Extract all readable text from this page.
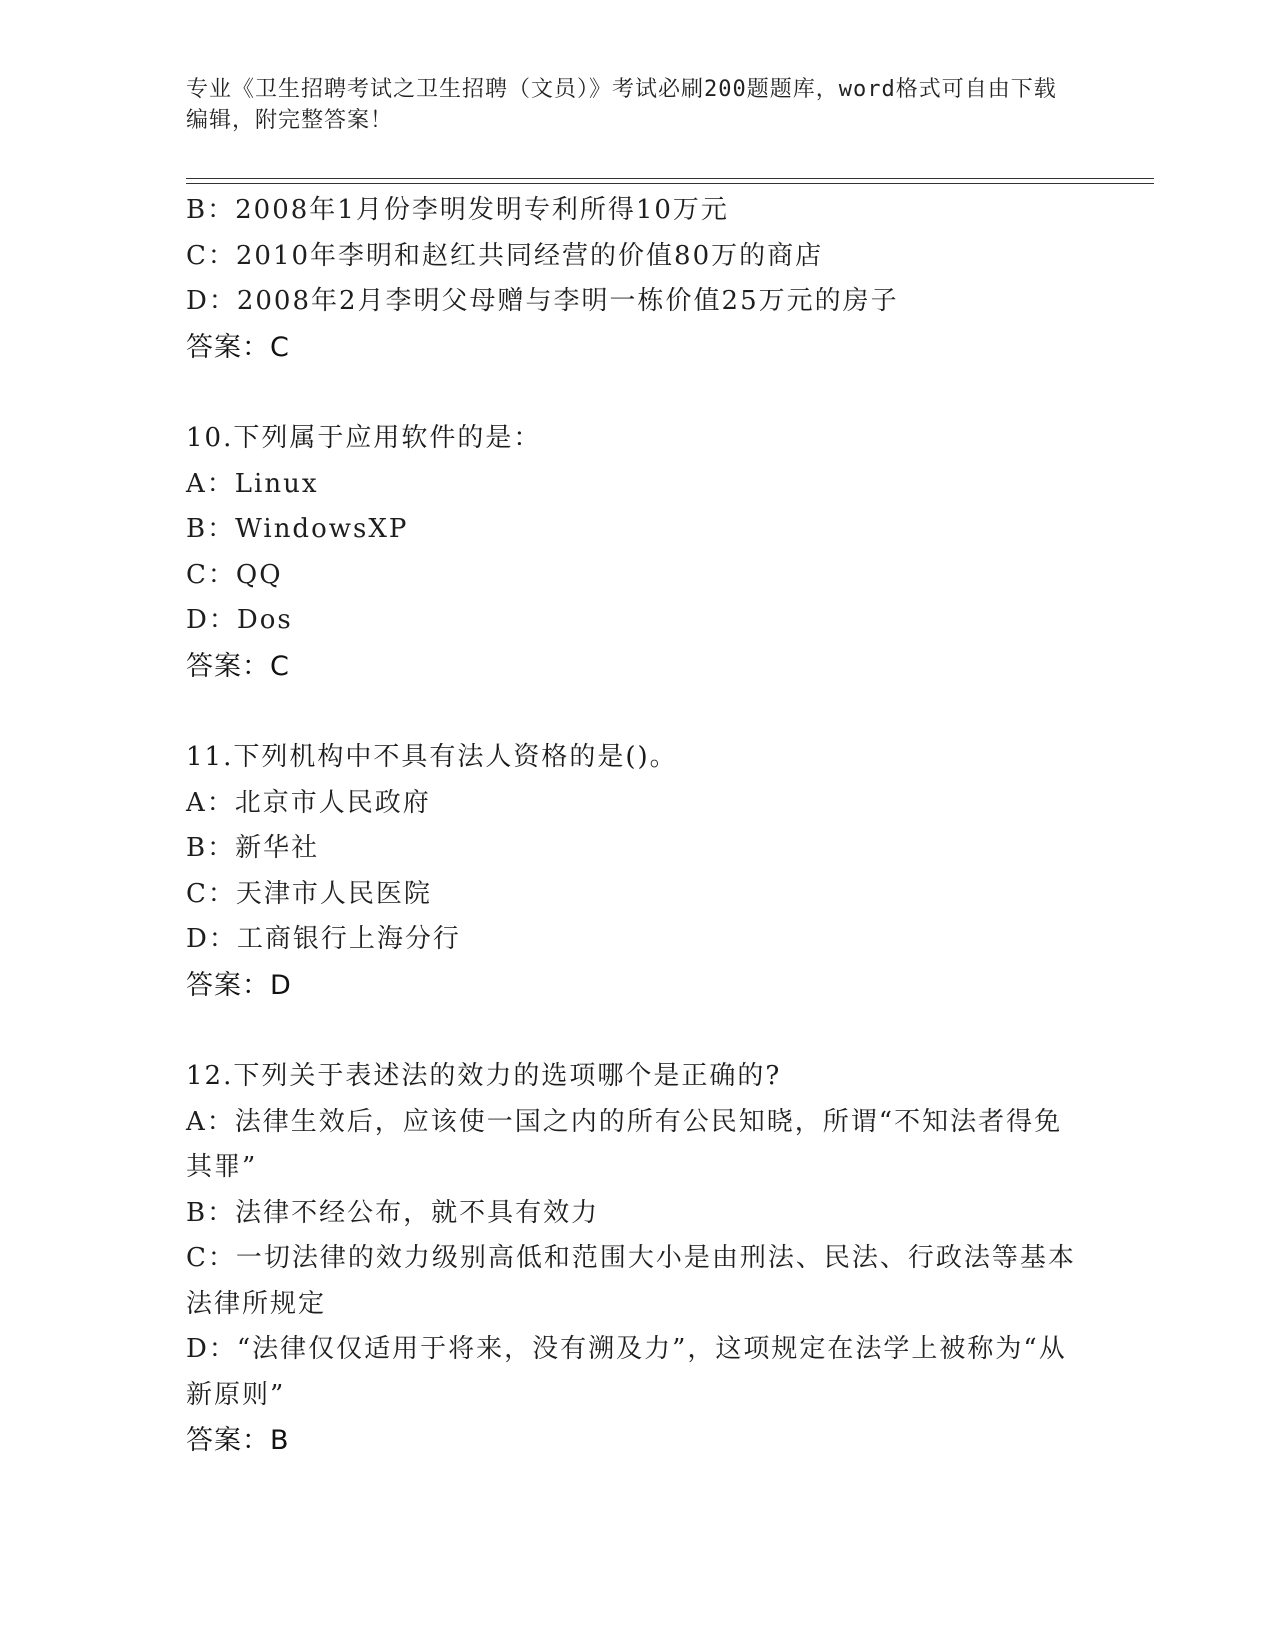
专业《卫生招聘考试之卫生招聘（文员）》考试必刷200题题库，word格式可自由下载编辑，附完整答案！

B：2008年1月份李明发明专利所得10万元

C：2010年李明和赵红共同经营的价值80万的商店

D：2008年2月李明父母赠与李明一栋价值25万元的房子

答案：C

10.下列属于应用软件的是：

A：Linux

B：WindowsXP

C：QQ

D：Dos

答案：C

11.下列机构中不具有法人资格的是()。

A：北京市人民政府

B：新华社

C：天津市人民医院

D：工商银行上海分行

答案：D

12.下列关于表述法的效力的选项哪个是正确的?

A：法律生效后，应该使一国之内的所有公民知晓，所谓“不知法者得免其罪”

B：法律不经公布，就不具有效力

C：一切法律的效力级别高低和范围大小是由刑法、民法、行政法等基本法律所规定

D：“法律仅仅适用于将来，没有溯及力”，这项规定在法学上被称为“从新原则”

答案：B
